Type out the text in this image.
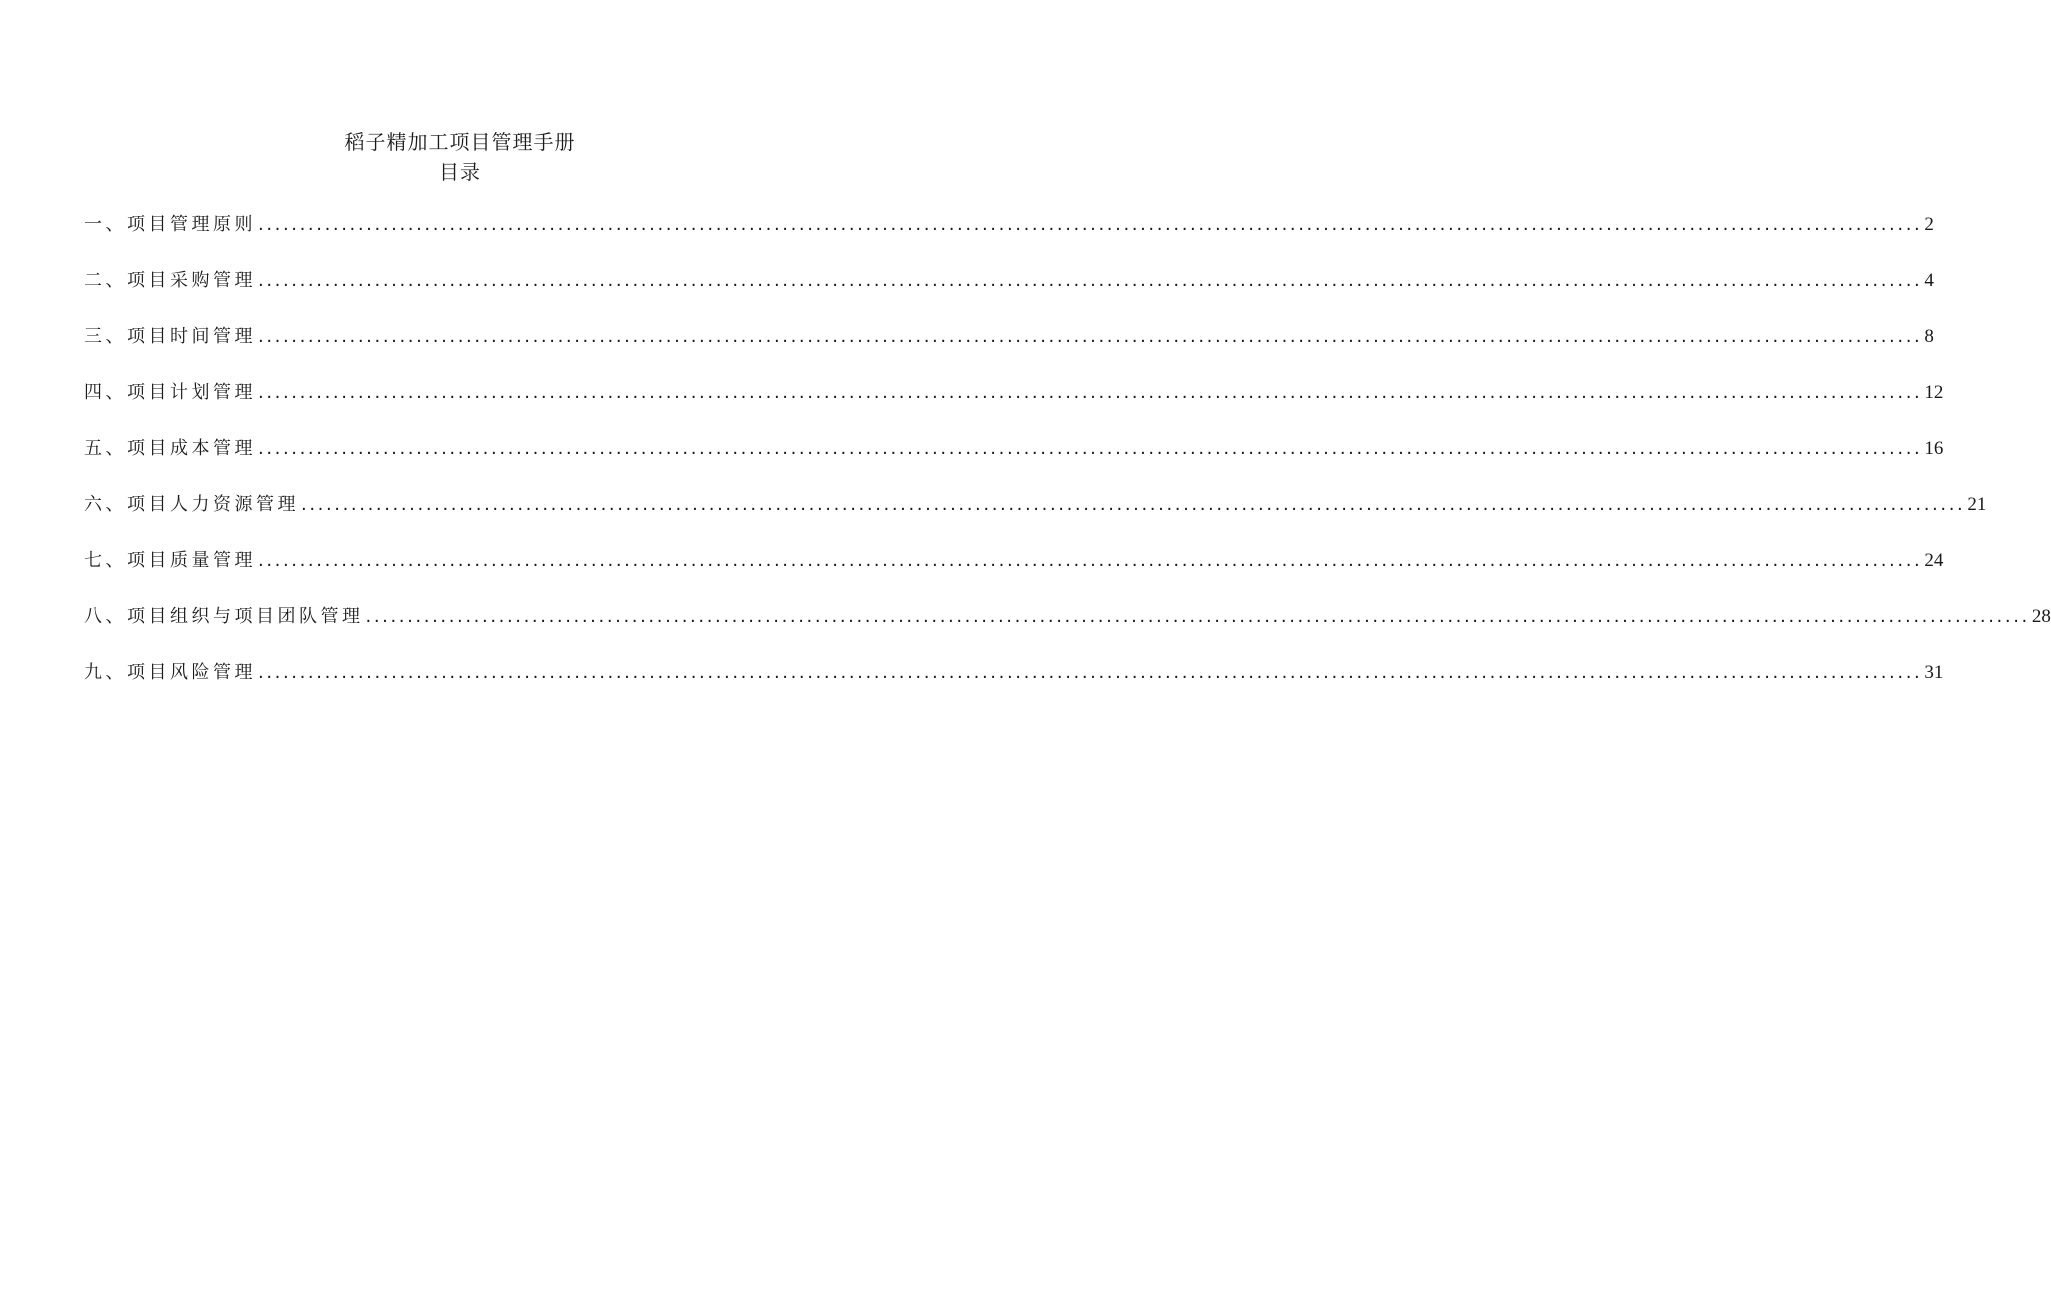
稻子精加工项目管理手册
目录
一、项目管理原则 ........................................................................................................................................................................................................ 2
二、项目采购管理 ........................................................................................................................................................................................................ 4
三、项目时间管理 ........................................................................................................................................................................................................ 8
四、项目计划管理 ........................................................................................................................................................................................................ 12
五、项目成本管理 ........................................................................................................................................................................................................ 16
六、项目人力资源管理 ........................................................................................................................................................................................................ 21
七、项目质量管理 ........................................................................................................................................................................................................ 24
八、项目组织与项目团队管理 ........................................................................................................................................................................................................ 28
九、项目风险管理 ........................................................................................................................................................................................................ 31
